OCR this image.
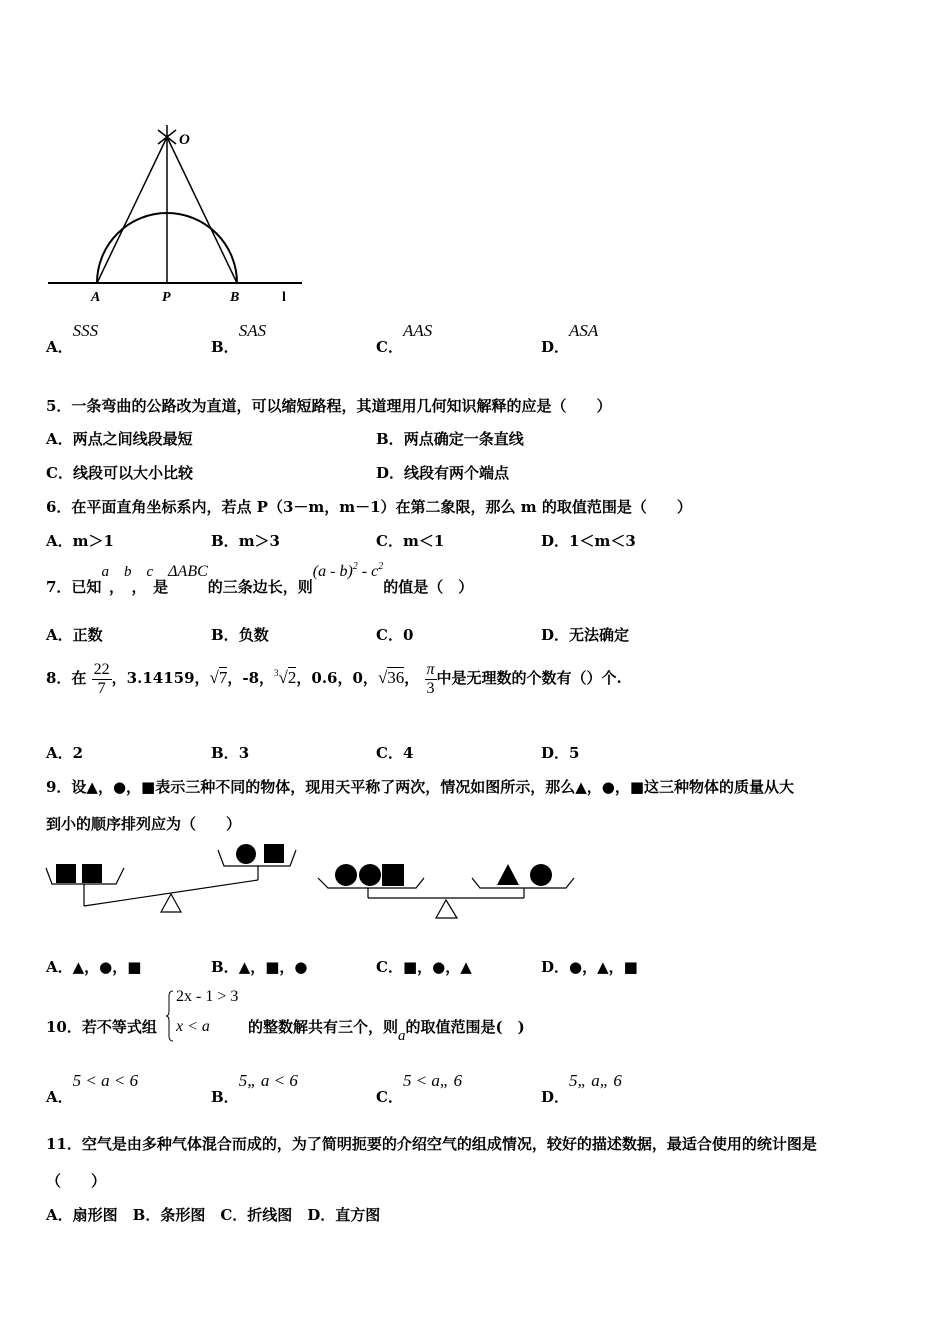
O
A	P	B	l
A．SSS
B．SAS
C．AAS
D．ASA
5．一条弯曲的公路改为直道，可以缩短路程，其道理用几何知识解释的应是（　　）
A．两点之间线段最短	B．两点确定一条直线
C．线段可以大小比较	D．线段有两个端点
6．在平面直角坐标系内，若点 P（3－m，m－1）在第二象限，那么 m 的取值范围是（　　）
A．m＞1	B．m＞3	C．m＜1	D．1＜m＜3
7．已知a，b，c是ΔABC的三条边长，则$(a - b)^2 - c^2$的值是（　）
A．正数	B．负数	C．0	D．无法确定
8．在 $\frac{22}{7}$ ，3.14159，√7，-8，$^3$√2，0.6，0，√36， $\frac{\pi}{3}$ 中是无理数的个数有（）个.
A．2	B．3	C．4	D．5
9．设▲，●，■表示三种不同的物体，现用天平称了两次，情况如图所示，那么▲，●，■这三种物体的质量从大
到小的顺序排列应为（　　）
A．▲，●，■	B．▲，■，●	C．■，●，▲	D．●，▲，■
10．若不等式组
2x - 1 > 3
x < a	的整数解共有三个，则a的取值范围是(　)
A．5 < a < 6
B．5„ a < 6
C．5 < a„ 6
D．5„ a„ 6
11．空气是由多种气体混合而成的，为了简明扼要的介绍空气的组成情况，较好的描述数据，最适合使用的统计图是
（　　）
A．扇形图　B．条形图　C．折线图　D．直方图
